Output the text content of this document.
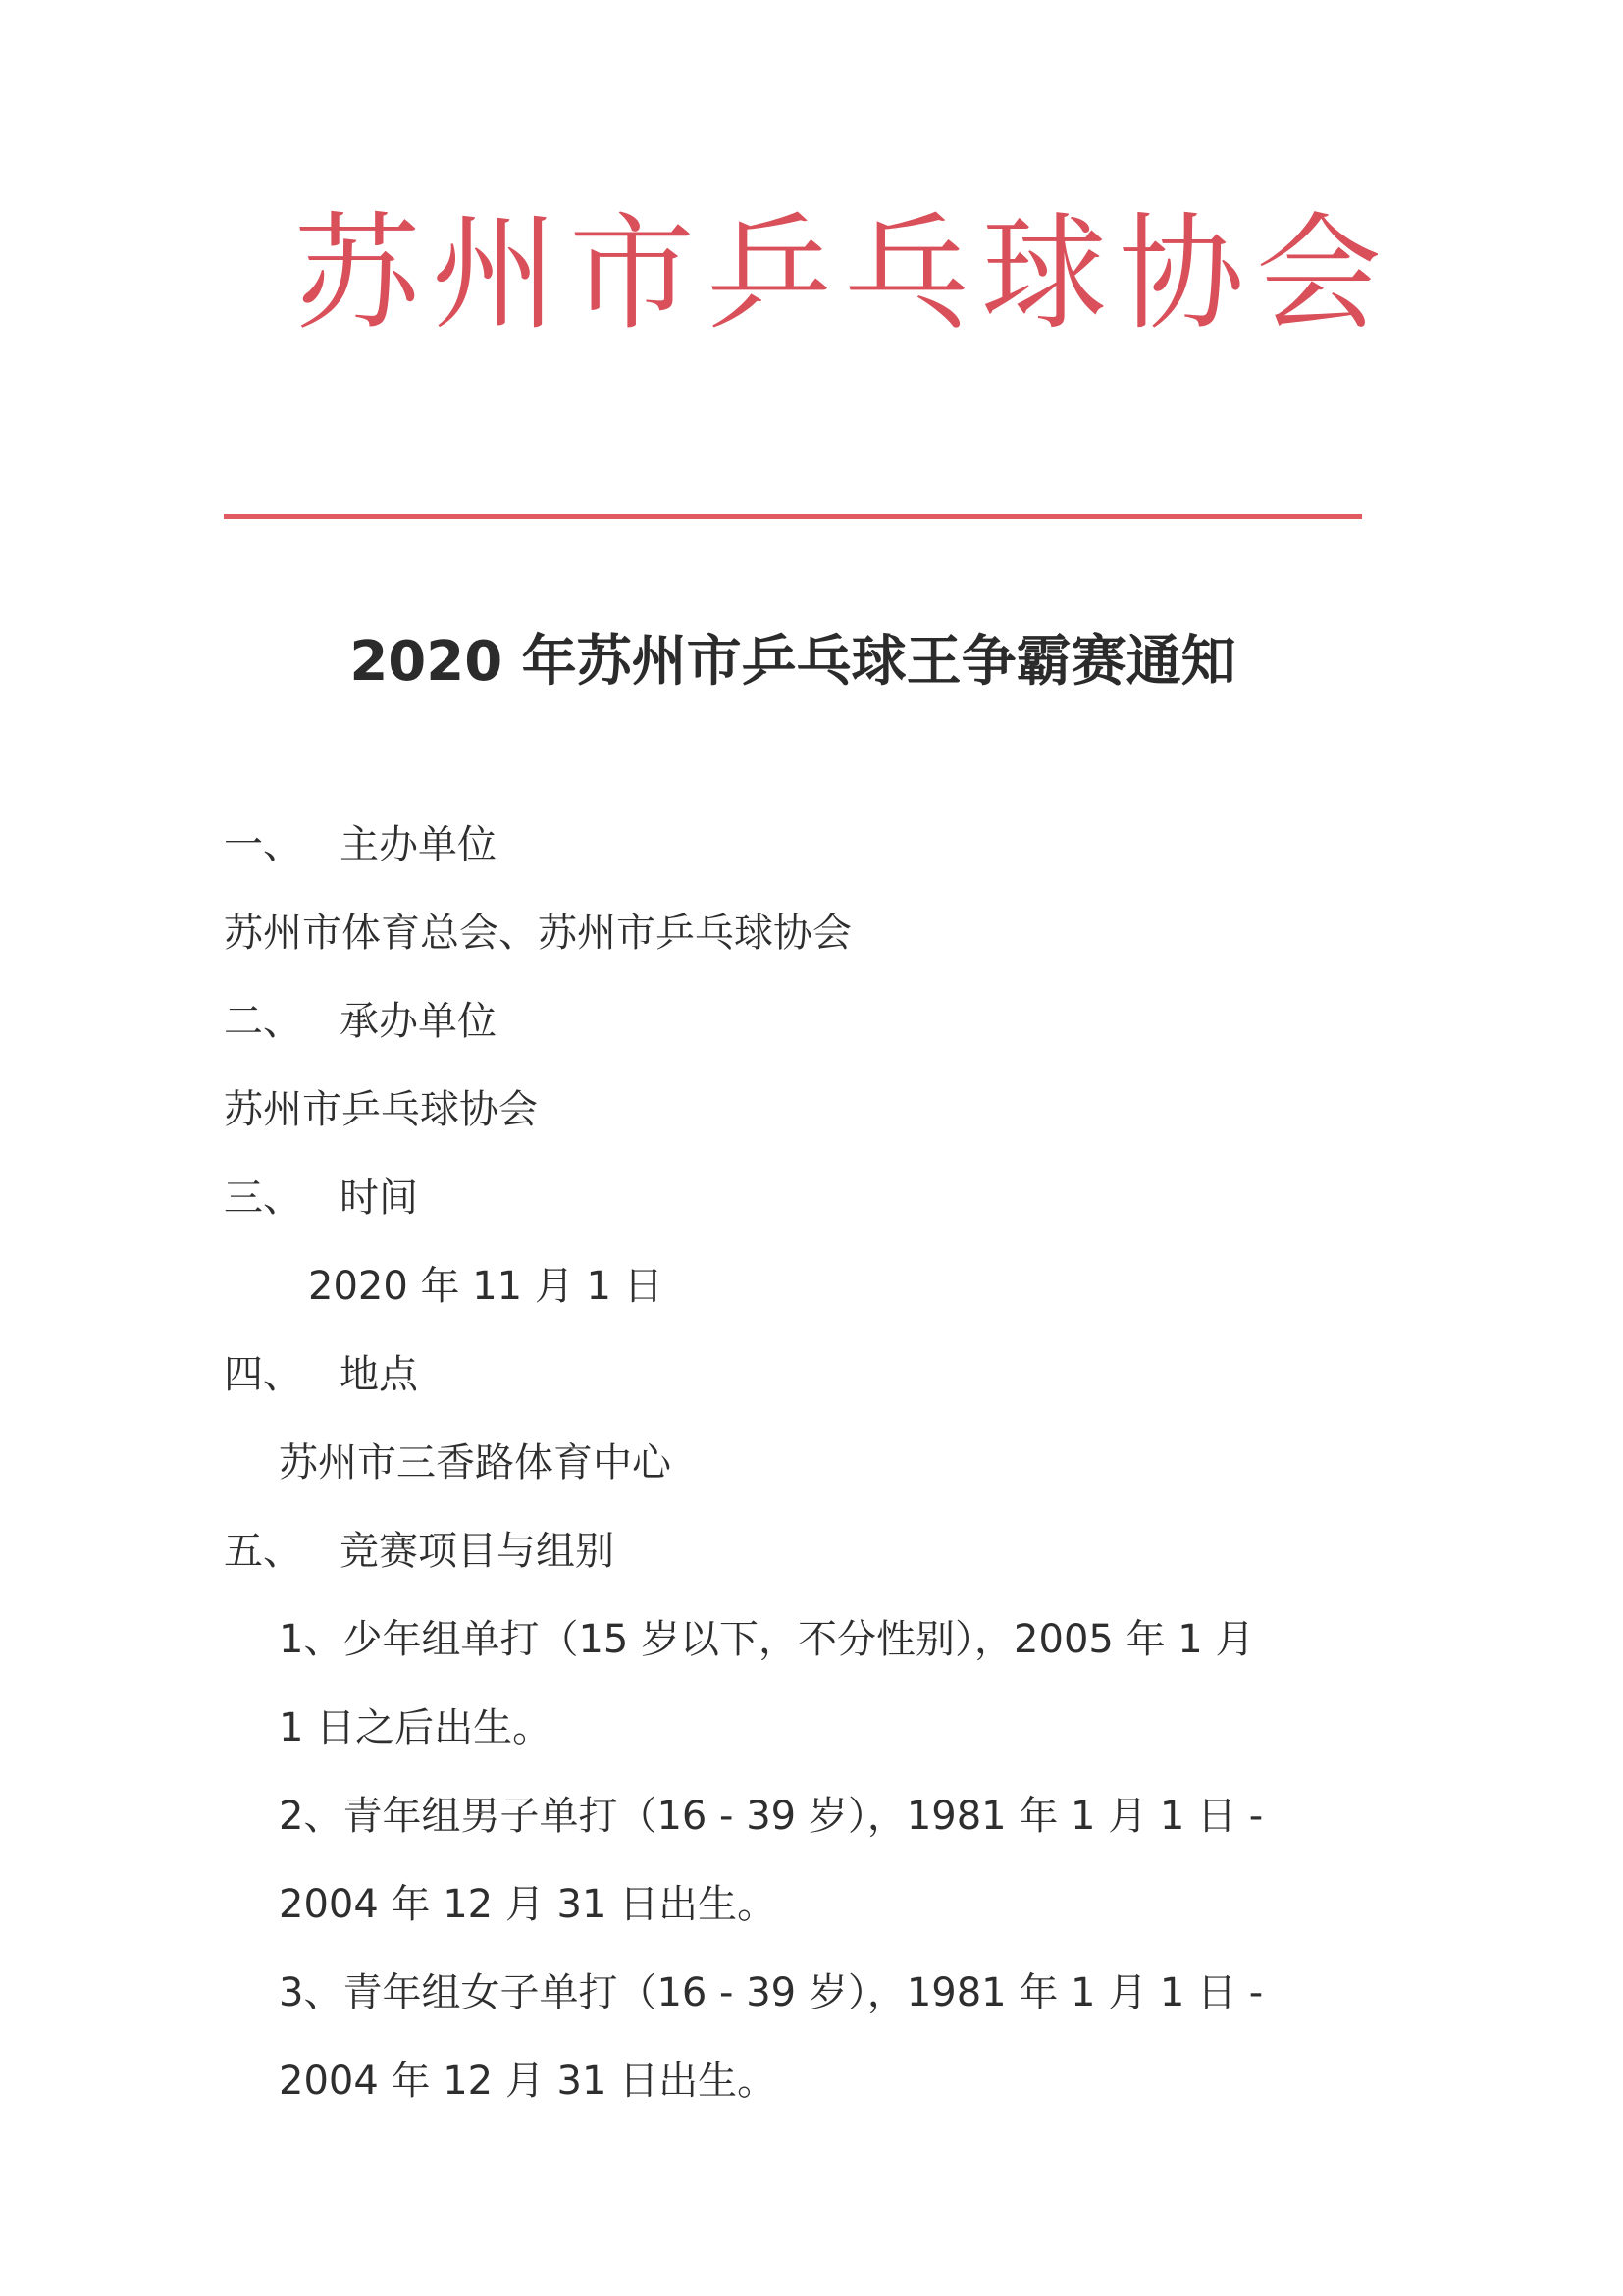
苏州市乒乓球协会
2020 年苏州市乒乓球王争霸赛通知
一、 主办单位
苏州市体育总会、苏州市乒乓球协会
二、 承办单位
苏州市乒乓球协会
三、 时间
2020 年 11 月 1 日
四、 地点
苏州市三香路体育中心
五、 竞赛项目与组别
1、少年组单打（15 岁以下，不分性别），2005 年 1 月
1 日之后出生。
2、青年组男子单打（16 - 39 岁），1981 年 1 月 1 日 -
2004 年 12 月 31 日出生。
3、青年组女子单打（16 - 39 岁），1981 年 1 月 1 日 -
2004 年 12 月 31 日出生。
